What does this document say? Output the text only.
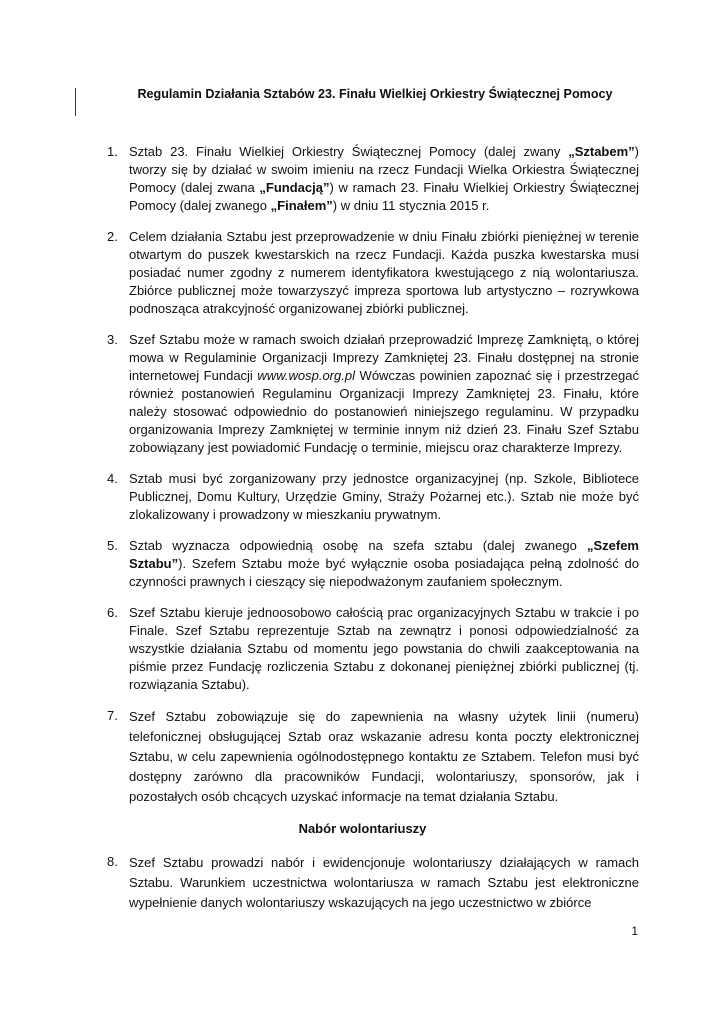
Regulamin Działania Sztabów 23. Finału Wielkiej Orkiestry Świątecznej Pomocy
1. Sztab 23. Finału Wielkiej Orkiestry Świątecznej Pomocy (dalej zwany „Sztabem”) tworzy się by działać w swoim imieniu na rzecz Fundacji Wielka Orkiestra Świątecznej Pomocy (dalej zwana „Fundacją”) w ramach 23. Finału Wielkiej Orkiestry Świątecznej Pomocy (dalej zwanego „Finałem”) w dniu 11 stycznia 2015 r.
2. Celem działania Sztabu jest przeprowadzenie w dniu Finału zbiórki pieniężnej w terenie otwartym do puszek kwestarskich na rzecz Fundacji. Każda puszka kwestarska musi posiadać numer zgodny z numerem identyfikatora kwestującego z nią wolontariusza. Zbiórce publicznej może towarzyszyć impreza sportowa lub artystyczno – rozrywkowa podnosząca atrakcyjność organizowanej zbiórki publicznej.
3. Szef Sztabu może w ramach swoich działań przeprowadzić Imprezę Zamkniętą, o której mowa w Regulaminie Organizacji Imprezy Zamkniętej 23. Finału dostępnej na stronie internetowej Fundacji www.wosp.org.pl Wówczas powinien zapoznać się i przestrzegać również postanowień Regulaminu Organizacji Imprezy Zamkniętej 23. Finału, które należy stosować odpowiednio do postanowień niniejszego regulaminu. W przypadku organizowania Imprezy Zamkniętej w terminie innym niż dzień 23. Finału Szef Sztabu zobowiązany jest powiadomić Fundację o terminie, miejscu oraz charakterze Imprezy.
4. Sztab musi być zorganizowany przy jednostce organizacyjnej (np. Szkole, Bibliotece Publicznej, Domu Kultury, Urzędzie Gminy, Straży Pożarnej etc.). Sztab nie może być zlokalizowany i prowadzony w mieszkaniu prywatnym.
5. Sztab wyznacza odpowiednią osobę na szefa sztabu (dalej zwanego „Szefem Sztabu”). Szefem Sztabu może być wyłącznie osoba posiadająca pełną zdolność do czynności prawnych i cieszący się niepodważonym zaufaniem społecznym.
6. Szef Sztabu kieruje jednoosobowo całością prac organizacyjnych Sztabu w trakcie i po Finale. Szef Sztabu reprezentuje Sztab na zewnątrz i ponosi odpowiedzialność za wszystkie działania Sztabu od momentu jego powstania do chwili zaakceptowania na piśmie przez Fundację rozliczenia Sztabu z dokonanej pieniężnej zbiórki publicznej (tj. rozwiązania Sztabu).
7. Szef Sztabu zobowiązuje się do zapewnienia na własny użytek linii (numeru) telefonicznej obsługującej Sztab oraz wskazanie adresu konta poczty elektronicznej Sztabu, w celu zapewnienia ogólnodostępnego kontaktu ze Sztabem. Telefon musi być dostępny zarówno dla pracowników Fundacji, wolontariuszy, sponsorów, jak i pozostałych osób chcących uzyskać informacje na temat działania Sztabu.
Nabór wolontariuszy
8. Szef Sztabu prowadzi nabór i ewidencjonuje wolontariuszy działających w ramach Sztabu. Warunkiem uczestnictwa wolontariusza w ramach Sztabu jest elektroniczne wypełnienie danych wolontariuszy wskazujących na jego uczestnictwo w zbiórce
1
